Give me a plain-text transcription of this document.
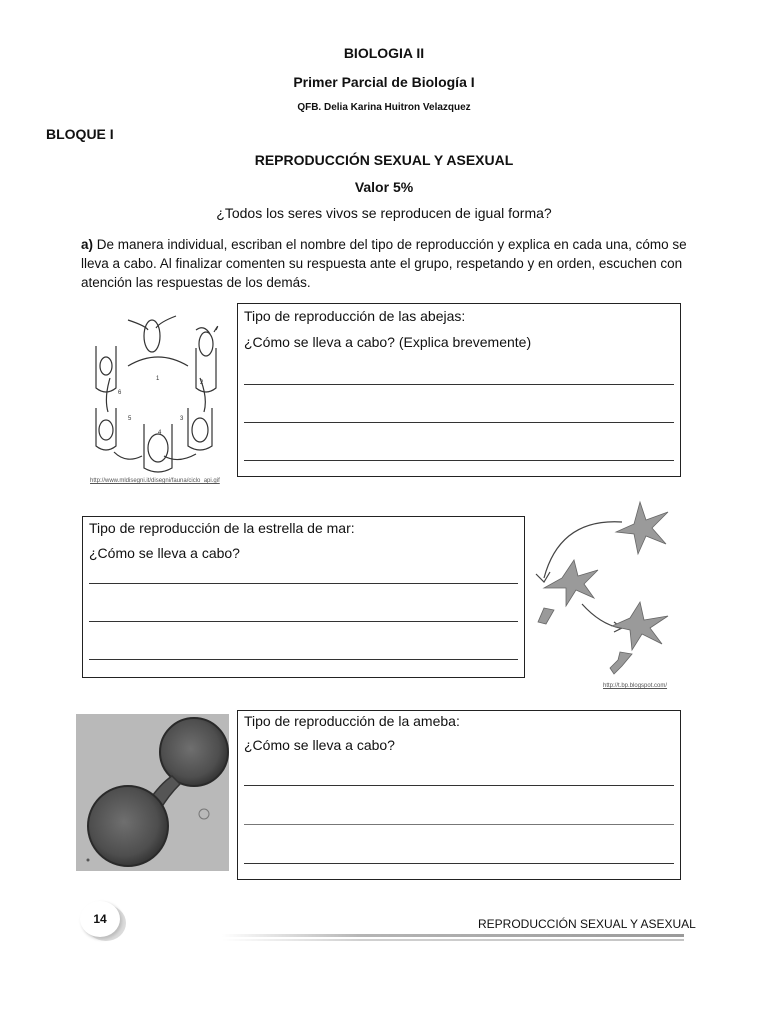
BIOLOGIA II
Primer Parcial de Biología I
QFB. Delia Karina Huitron Velazquez
BLOQUE I
REPRODUCCIÓN SEXUAL Y ASEXUAL
Valor 5%
¿Todos los seres vivos se reproducen de igual forma?
a) De manera individual, escriban el nombre del tipo de reproducción y explica en cada una, cómo se lleva a cabo. Al finalizar comenten su respuesta ante el grupo, respetando y en orden, escuchen con atención las respuestas de los demás.
1
2
3
4
5
6
http://www.mldisegni.it/disegni/fauna/ciclo_api.gif
Tipo de reproducción de las abejas:
¿Cómo se lleva a cabo? (Explica brevemente)
Tipo de reproducción de la estrella de mar:
¿Cómo se lleva a cabo?
http://t.bp.blogspot.com/
Tipo de reproducción de la ameba:
¿Cómo se lleva a cabo?
14	REPRODUCCIÓN SEXUAL Y ASEXUAL
